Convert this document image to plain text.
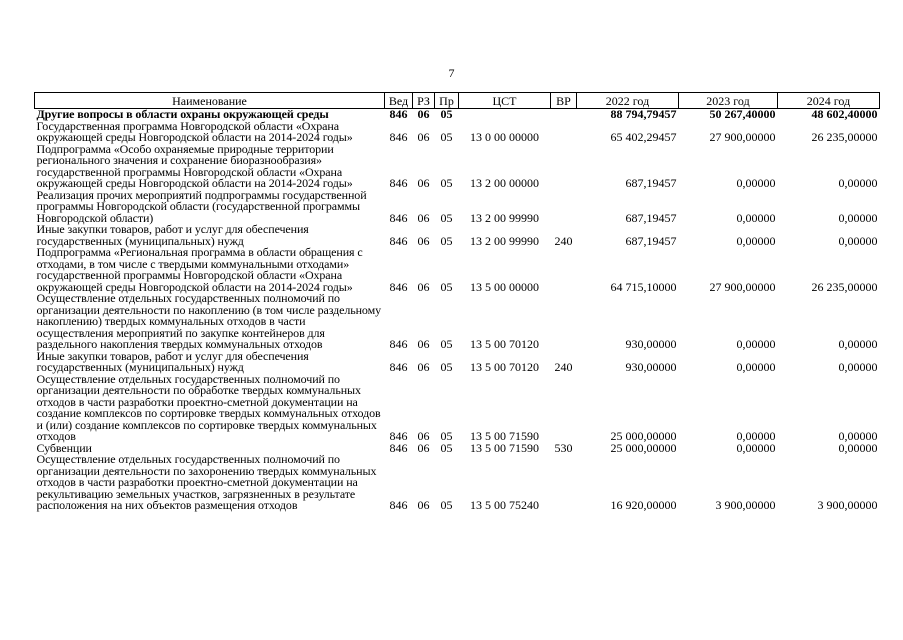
7
Наименование	Вед	РЗ	Пр	ЦСТ	ВР	2022 год	2023 год	2024 год
Другие вопросы в области охраны окружающей среды	846	06	05			88 794,79457	50 267,40000	48 602,40000
Государственная программа Новгородской области «Охрана окружающей среды Новгородской области на 2014-2024 годы»	846	06	05	13 0 00 00000		65 402,29457	27 900,00000	26 235,00000
Подпрограмма «Особо охраняемые природные территории регионального значения и сохранение биоразнообразия» государственной программы Новгородской области «Охрана окружающей среды Новгородской области на 2014-2024 годы»	846	06	05	13 2 00 00000		687,19457	0,00000	0,00000
Реализация прочих мероприятий подпрограммы государственной программы Новгородской области (государственной программы Новгородской области)	846	06	05	13 2 00 99990		687,19457	0,00000	0,00000
Иные закупки товаров, работ и услуг для обеспечения государственных (муниципальных) нужд	846	06	05	13 2 00 99990	240	687,19457	0,00000	0,00000
Подпрограмма «Региональная программа в области обращения с отходами, в том числе с твердыми коммунальными отходами» государственной программы Новгородской области «Охрана окружающей среды Новгородской области на 2014-2024 годы»	846	06	05	13 5 00 00000		64 715,10000	27 900,00000	26 235,00000
Осуществление отдельных государственных полномочий по организации деятельности по накоплению (в том числе раздельному накоплению) твердых коммунальных отходов в части осуществления мероприятий по закупке контейнеров для раздельного накопления твердых коммунальных отходов	846	06	05	13 5 00 70120		930,00000	0,00000	0,00000
Иные закупки товаров, работ и услуг для обеспечения государственных (муниципальных) нужд	846	06	05	13 5 00 70120	240	930,00000	0,00000	0,00000
Осуществление отдельных государственных полномочий по организации деятельности по обработке твердых коммунальных отходов в части разработки проектно-сметной документации на создание комплексов по сортировке твердых коммунальных отходов и (или) создание комплексов по сортировке твердых коммунальных отходов	846	06	05	13 5 00 71590		25 000,00000	0,00000	0,00000
Субвенции	846	06	05	13 5 00 71590	530	25 000,00000	0,00000	0,00000
Осуществление отдельных государственных полномочий по организации деятельности по захоронению твердых коммунальных отходов в части разработки проектно-сметной документации на рекультивацию земельных участков, загрязненных в результате расположения на них объектов размещения отходов	846	06	05	13 5 00 75240		16 920,00000	3 900,00000	3 900,00000
